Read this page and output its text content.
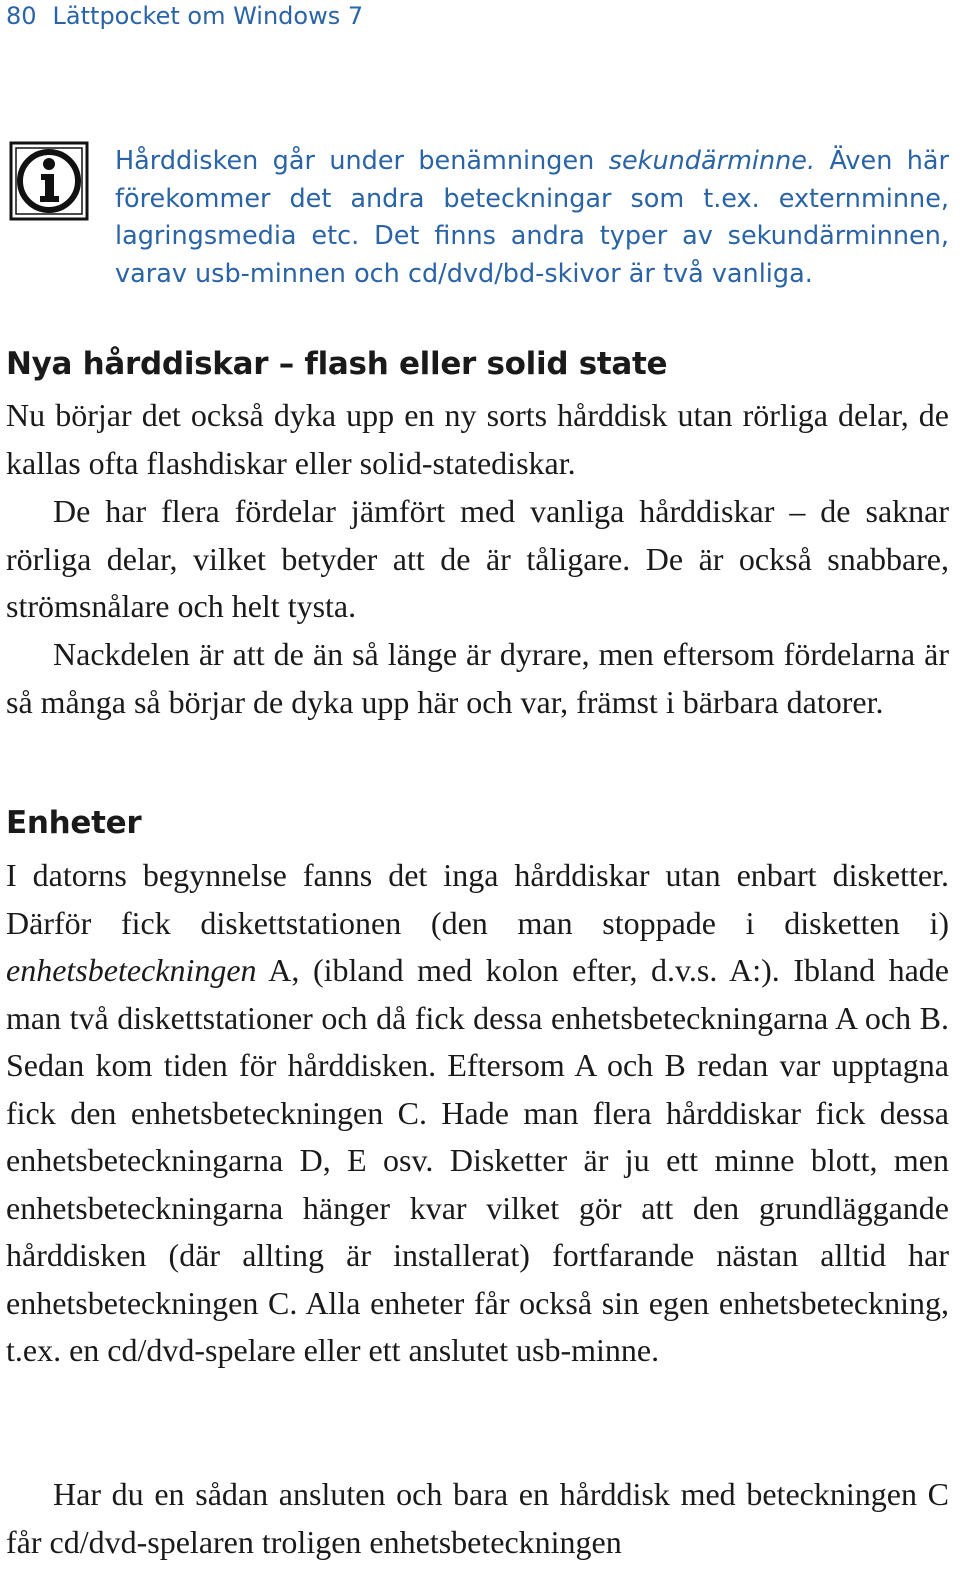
80 Lättpocket om Windows 7
Hårddisken går under benämningen sekundärminne. Även här förekommer det andra beteckningar som t.ex. externminne, lagringsmedia etc. Det finns andra typer av sekundärminnen, varav usb-minnen och cd/dvd/bd-skivor är två vanliga.
Nya hårddiskar – flash eller solid state

Nu börjar det också dyka upp en ny sorts hårddisk utan rörliga delar, de kallas ofta flashdiskar eller solid-statediskar.

De har flera fördelar jämfört med vanliga hårddiskar – de saknar rörliga delar, vilket betyder att de är tåligare. De är också snabbare, strömsnålare och helt tysta.

Nackdelen är att de än så länge är dyrare, men eftersom fördelarna är så många så börjar de dyka upp här och var, främst i bärbara datorer.

Enheter

I datorns begynnelse fanns det inga hårddiskar utan enbart disketter. Därför fick diskettstationen (den man stoppade i disketten i) enhetsbeteckningen A, (ibland med kolon efter, d.v.s. A:). Ibland hade man två diskettstationer och då fick dessa enhetsbeteckningarna A och B. Sedan kom tiden för hårddisken. Eftersom A och B redan var upptagna fick den enhetsbeteckningen C. Hade man flera hårddiskar fick dessa enhetsbeteckningarna D, E osv. Disketter är ju ett minne blott, men enhetsbeteckningarna hänger kvar vilket gör att den grundläggande hårddisken (där allting är installerat) fortfarande nästan alltid har enhetsbeteckningen C. Alla enheter får också sin egen enhetsbeteckning, t.ex. en cd/dvd-spelare eller ett anslutet usb-minne.

Har du en sådan ansluten och bara en hårddisk med beteckningen C får cd/dvd-spelaren troligen enhetsbeteckningen
